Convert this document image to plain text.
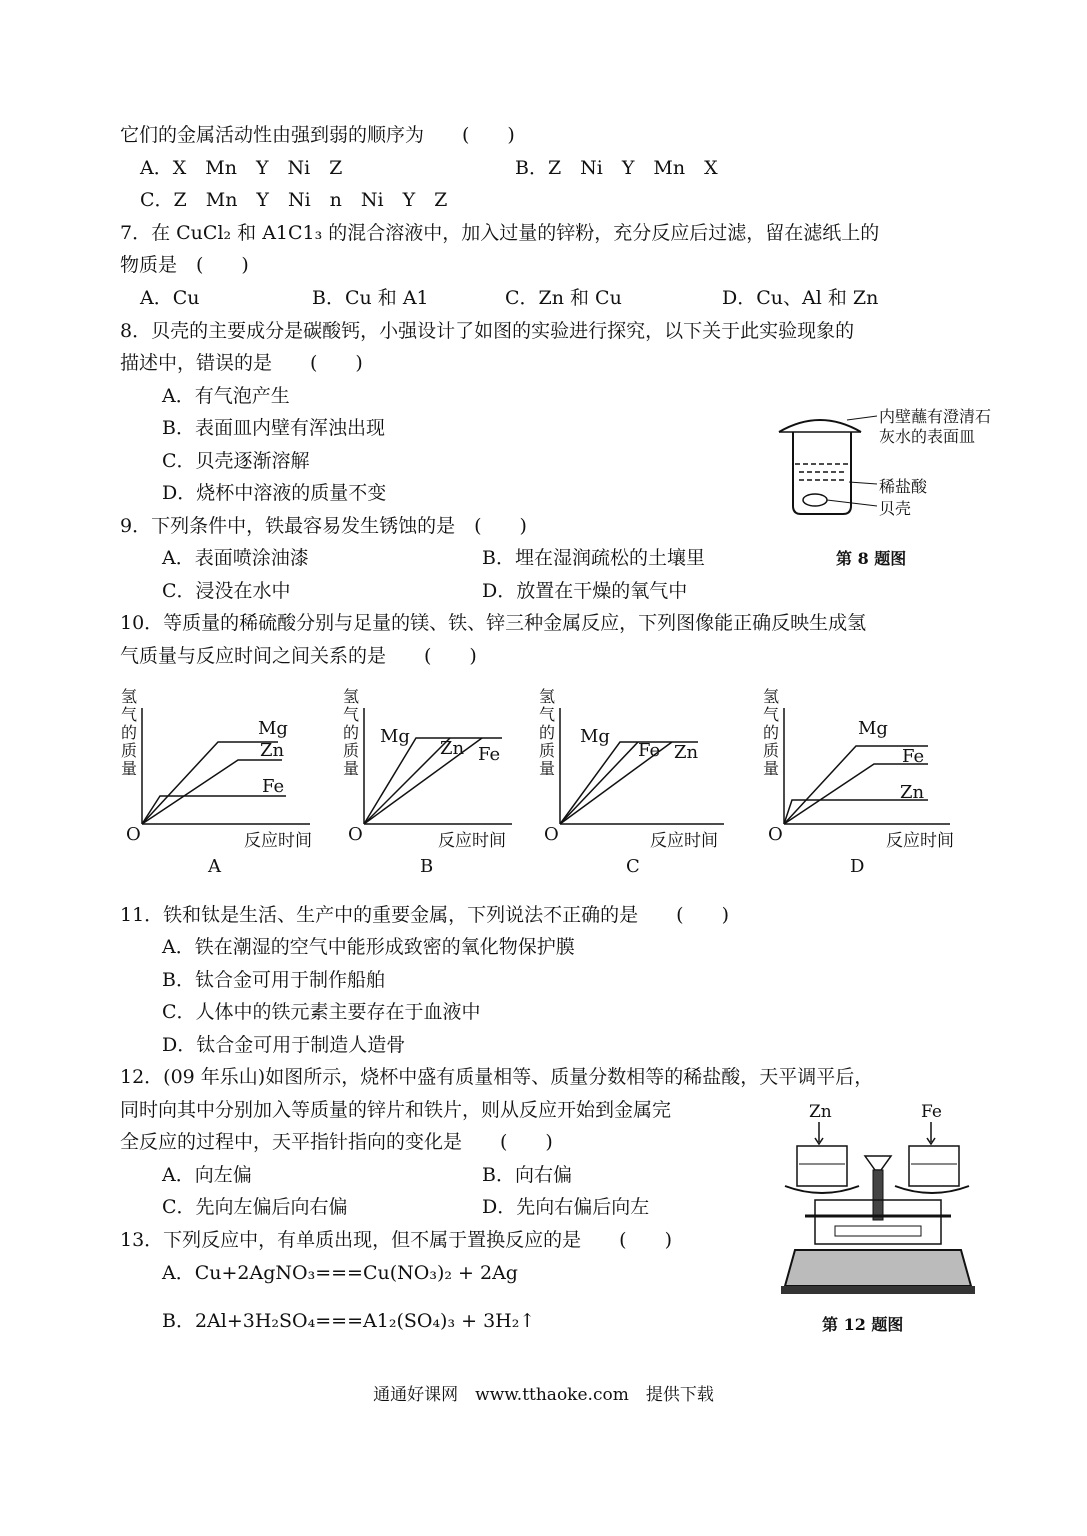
它们的金属活动性由强到弱的顺序为　　(　　)
A．X　Mn　Y　Ni　Z	B．Z　Ni　Y　Mn　X
C．Z　Mn　Y　Ni　n　Ni　Y　Z
7．在 CuCl₂ 和 A1C1₃ 的混合溶液中，加入过量的锌粉，充分反应后过滤，留在滤纸上的
物质是　(　　)
A．Cu	B．Cu 和 A1	C．Zn 和 Cu	D．Cu、Al 和 Zn
8．贝壳的主要成分是碳酸钙，小强设计了如图的实验进行探究，以下关于此实验现象的
描述中，错误的是　　(　　)
A．有气泡产生
B．表面皿内壁有浑浊出现
C．贝壳逐渐溶解
D．烧杯中溶液的质量不变
内壁蘸有澄清石
灰水的表面皿
稀盐酸
贝壳
第 8 题图
9．下列条件中，铁最容易发生锈蚀的是　(　　)
A．表面喷涂油漆	B．埋在湿润疏松的土壤里
C．浸没在水中	D．放置在干燥的氧气中
10．等质量的稀硫酸分别与足量的镁、铁、锌三种金属反应，下列图像能正确反映生成氢
气质量与反应时间之间关系的是　　(　　)
氢
气
的
质
量
Mg
Zn
Fe
O	反应时间
A
氢
气
的
质
量
Mg
Zn Fe
O	反应时间
B
氢
气
的
质
量
Mg
Fe Zn
O	反应时间
C
氢
气
的
质
量
Mg
Fe
Zn
O	反应时间
D
11．铁和钛是生活、生产中的重要金属，下列说法不正确的是　　(　　)
A．铁在潮湿的空气中能形成致密的氧化物保护膜
B．钛合金可用于制作船舶
C．人体中的铁元素主要存在于血液中
D．钛合金可用于制造人造骨
12．(09 年乐山)如图所示，烧杯中盛有质量相等、质量分数相等的稀盐酸，天平调平后，
同时向其中分别加入等质量的锌片和铁片，则从反应开始到金属完
全反应的过程中，天平指针指向的变化是　　(　　)
A．向左偏	B．向右偏
C．先向左偏后向右偏	D．先向右偏后向左
Zn	Fe
第 12 题图
13．下列反应中，有单质出现，但不属于置换反应的是　　(　　)
A．Cu+2AgNO₃===Cu(NO₃)₂ + 2Ag
B．2Al+3H₂SO₄===A1₂(SO₄)₃ + 3H₂↑
通通好课网　www.tthaoke.com　提供下载
